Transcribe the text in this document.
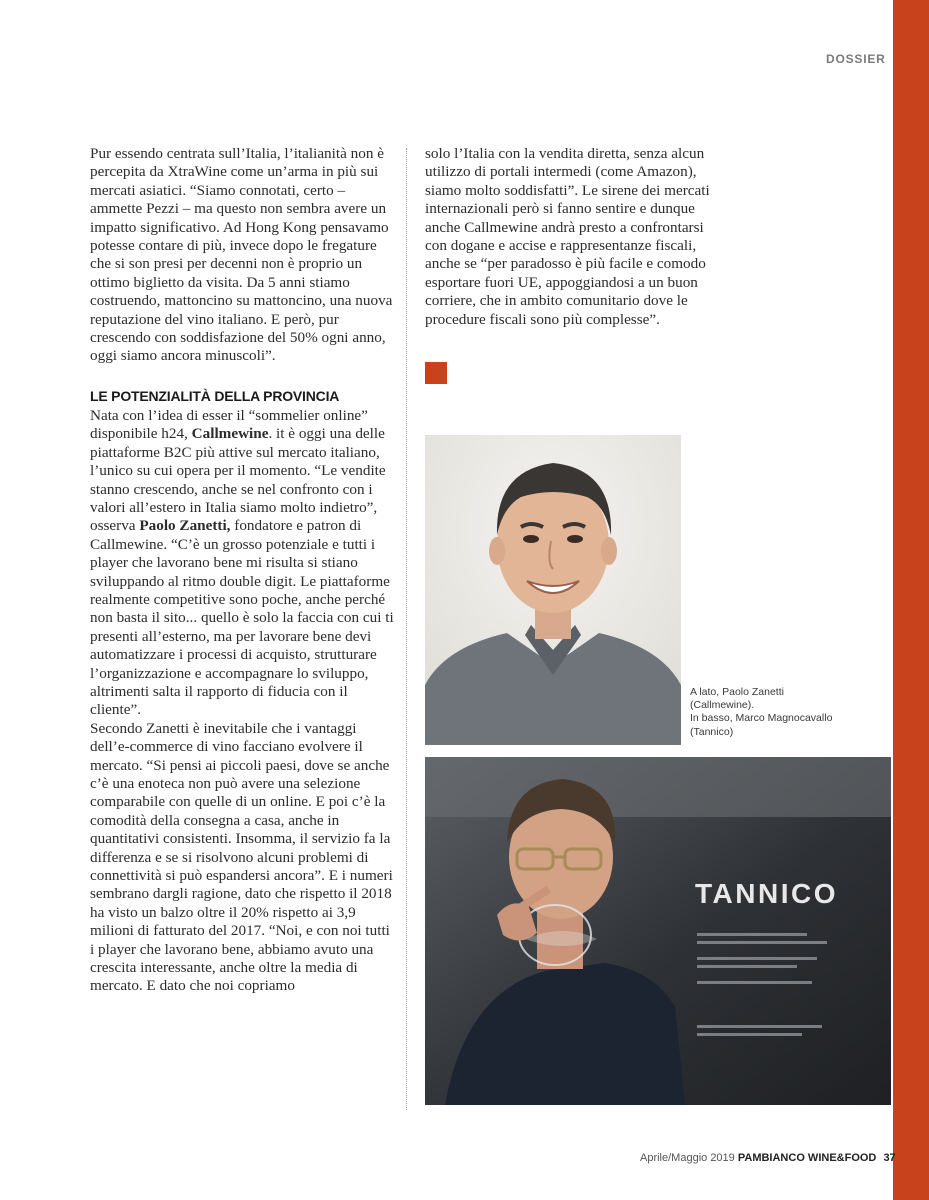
DOSSIER

Pur essendo centrata sull’Italia, l’italianità non è percepita da XtraWine come un’arma in più sui mercati asiatici. “Siamo connotati, certo – ammette Pezzi – ma questo non sembra avere un impatto significativo. Ad Hong Kong pensavamo potesse contare di più, invece dopo le fregature che si son presi per decenni non è proprio un ottimo biglietto da visita. Da 5 anni stiamo costruendo, mattoncino su mattoncino, una nuova reputazione del vino italiano. E però, pur crescendo con soddisfazione del 50% ogni anno, oggi siamo ancora minuscoli”.

LE POTENZIALITÀ DELLA PROVINCIA

Nata con l’idea di esser il “sommelier online” disponibile h24, Callmewine. it è oggi una delle piattaforme B2C più attive sul mercato italiano, l’unico su cui opera per il momento. “Le vendite stanno crescendo, anche se nel confronto con i valori all’estero in Italia siamo molto indietro”, osserva Paolo Zanetti, fondatore e patron di Callmewine. “C’è un grosso potenziale e tutti i player che lavorano bene mi risulta si stiano sviluppando al ritmo double digit. Le piattaforme realmente competitive sono poche, anche perché non basta il sito... quello è solo la faccia con cui ti presenti all’esterno, ma per lavorare bene devi automatizzare i processi di acquisto, strutturare l’organizzazione e accompagnare lo sviluppo, altrimenti salta il rapporto di fiducia con il cliente”.

Secondo Zanetti è inevitabile che i vantaggi dell’e-commerce di vino facciano evolvere il mercato. “Si pensi ai piccoli paesi, dove se anche c’è una enoteca non può avere una selezione comparabile con quelle di un online. E poi c’è la comodità della consegna a casa, anche in quantitativi consistenti. Insomma, il servizio fa la differenza e se si risolvono alcuni problemi di connettività si può espandersi ancora”. E i numeri sembrano dargli ragione, dato che rispetto il 2018 ha visto un balzo oltre il 20% rispetto ai 3,9 milioni di fatturato del 2017. “Noi, e con noi tutti i player che lavorano bene, abbiamo avuto una crescita interessante, anche oltre la media di mercato. E dato che noi copriamo

solo l’Italia con la vendita diretta, senza alcun utilizzo di portali intermedi (come Amazon), siamo molto soddisfatti”. Le sirene dei mercati internazionali però si fanno sentire e dunque anche Callmewine andrà presto a confrontarsi con dogane e accise e rappresentanze fiscali, anche se “per paradosso è più facile e comodo esportare fuori UE, appoggiandosi a un buon corriere, che in ambito comunitario dove le procedure fiscali sono più complesse”.

A lato, Paolo Zanetti

(Callmewine).

In basso, Marco Magnocavallo

(Tannico)

TANNICO
Aprile/Maggio 2019 PAMBIANCO WINE&FOOD 37
